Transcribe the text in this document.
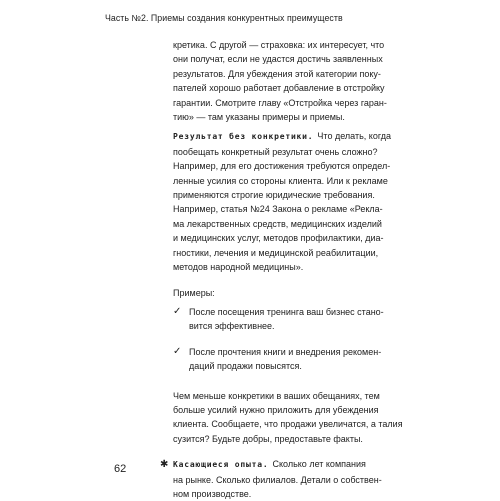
Часть №2. Приемы создания конкурентных преимуществ

кретика. С другой — страховка: их интересует, что
они получат, если не удастся достичь заявленных
результатов. Для убеждения этой категории поку-
пателей хорошо работает добавление в отстройку
гарантии. Смотрите главу «Отстройка через гаран-
тию» — там указаны примеры и приемы.

Результат без конкретики. Что делать, когда
пообещать конкретный результат очень сложно?
Например, для его достижения требуются определ-
ленные усилия со стороны клиента. Или к рекламе
применяются строгие юридические требования.
Например, статья №24 Закона о рекламе «Рекла-
ма лекарственных средств, медицинских изделий
и медицинских услуг, методов профилактики, диа-
гностики, лечения и медицинской реабилитации,
методов народной медицины».

Примеры:

✓ После посещения тренинга ваш бизнес стано-
вится эффективнее.
✓ После прочтения книги и внедрения рекомен-
даций продажи повысятся.

Чем меньше конкретики в ваших обещаниях, тем
больше усилий нужно приложить для убеждения
клиента. Сообщаете, что продажи увеличатся, а талия
сузится? Будьте добры, предоставьте факты.

✱ Касающиеся опыта. Сколько лет компания
на рынке. Сколько филиалов. Детали о собствен-
ном производстве.
62
